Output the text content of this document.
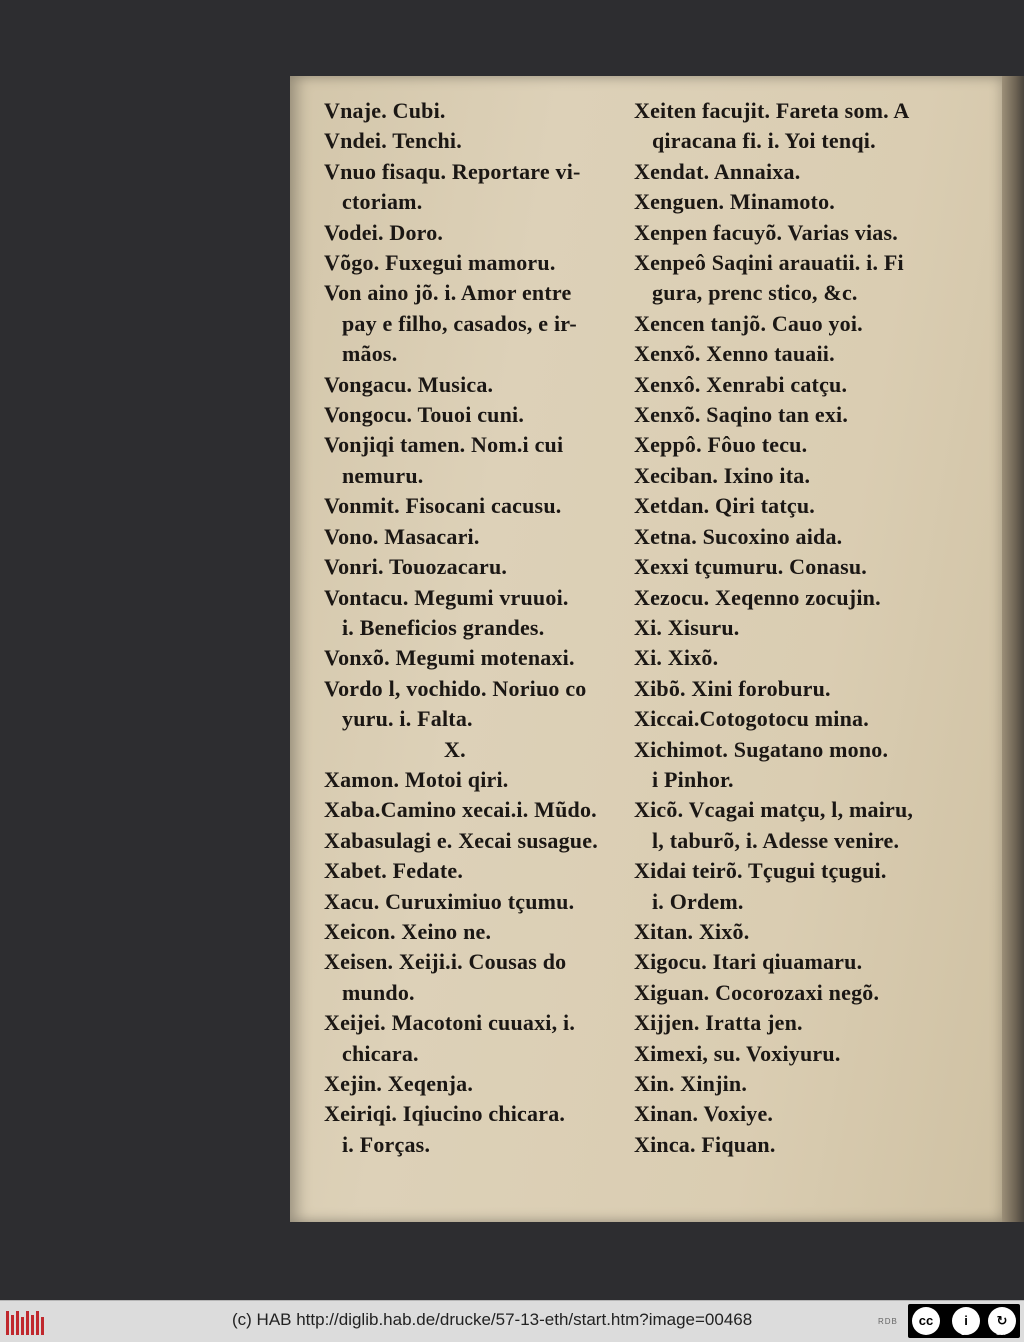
Vnaje. Cubi.
Vndei. Tenchi.
Vnuo fisaqu. Reportare vi-
ctoriam.
Vodei. Doro.
Võgo. Fuxegui mamoru.
Von aino jõ. i. Amor entre
pay e filho, casados, e ir-
mãos.
Vongacu. Musica.
Vongocu. Touoi cuni.
Vonjiqi tamen. Nom.i cui
nemuru.
Vonmit. Fisocani cacusu.
Vono. Masacari.
Vonri. Touozacaru.
Vontacu. Megumi vruuoi.
i. Beneficios grandes.
Vonxõ. Megumi motenaxi.
Vordo l, vochido. Noriuo co
yuru. i. Falta.
X.
Xamon. Motoi qiri.
Xaba.Camino xecai.i. Mũdo.
Xabasulagi e. Xecai susague.
Xabet. Fedate.
Xacu. Curuximiuo tçumu.
Xeicon. Xeino ne.
Xeisen. Xeiji.i. Cousas do
mundo.
Xeijei. Macotoni cuuaxi, i.
chicara.
Xejin. Xeqenja.
Xeiriqi. Iqiucino chicara.
i. Forças.
Xeiten facujit. Fareta som. A
qiracana fi. i. Yoi tenqi.
Xendat. Annaixa.
Xenguen. Minamoto.
Xenpen facuyõ. Varias vias.
Xenpeô Saqini arauatii. i. Fi
gura, prenc stico, &c.
Xencen tanjõ. Cauo yoi.
Xenxõ. Xenno tauaii.
Xenxô. Xenrabi catçu.
Xenxõ. Saqino tan exi.
Xeppô. Fôuo tecu.
Xeciban. Ixino ita.
Xetdan. Qiri tatçu.
Xetna. Sucoxino aida.
Xexxi tçumuru. Conasu.
Xezocu. Xeqenno zocujin.
Xi. Xisuru.
Xi. Xixõ.
Xibõ. Xini foroburu.
Xiccai.Cotogotocu mina.
Xichimot. Sugatano mono.
i Pinhor.
Xicõ. Vcagai matçu, l, mairu,
l, taburõ, i. Adesse venire.
Xidai teirõ. Tçugui tçugui.
i. Ordem.
Xitan. Xixõ.
Xigocu. Itari qiuamaru.
Xiguan. Cocorozaxi negõ.
Xijjen. Iratta jen.
Ximexi, su. Voxiyuru.
Xin. Xinjin.
Xinan. Voxiye.
Xinca. Fiquan.
(c) HAB http://diglib.hab.de/drucke/57-13-eth/start.htm?image=00468	RDB	cc	i	↻
BY	SA
